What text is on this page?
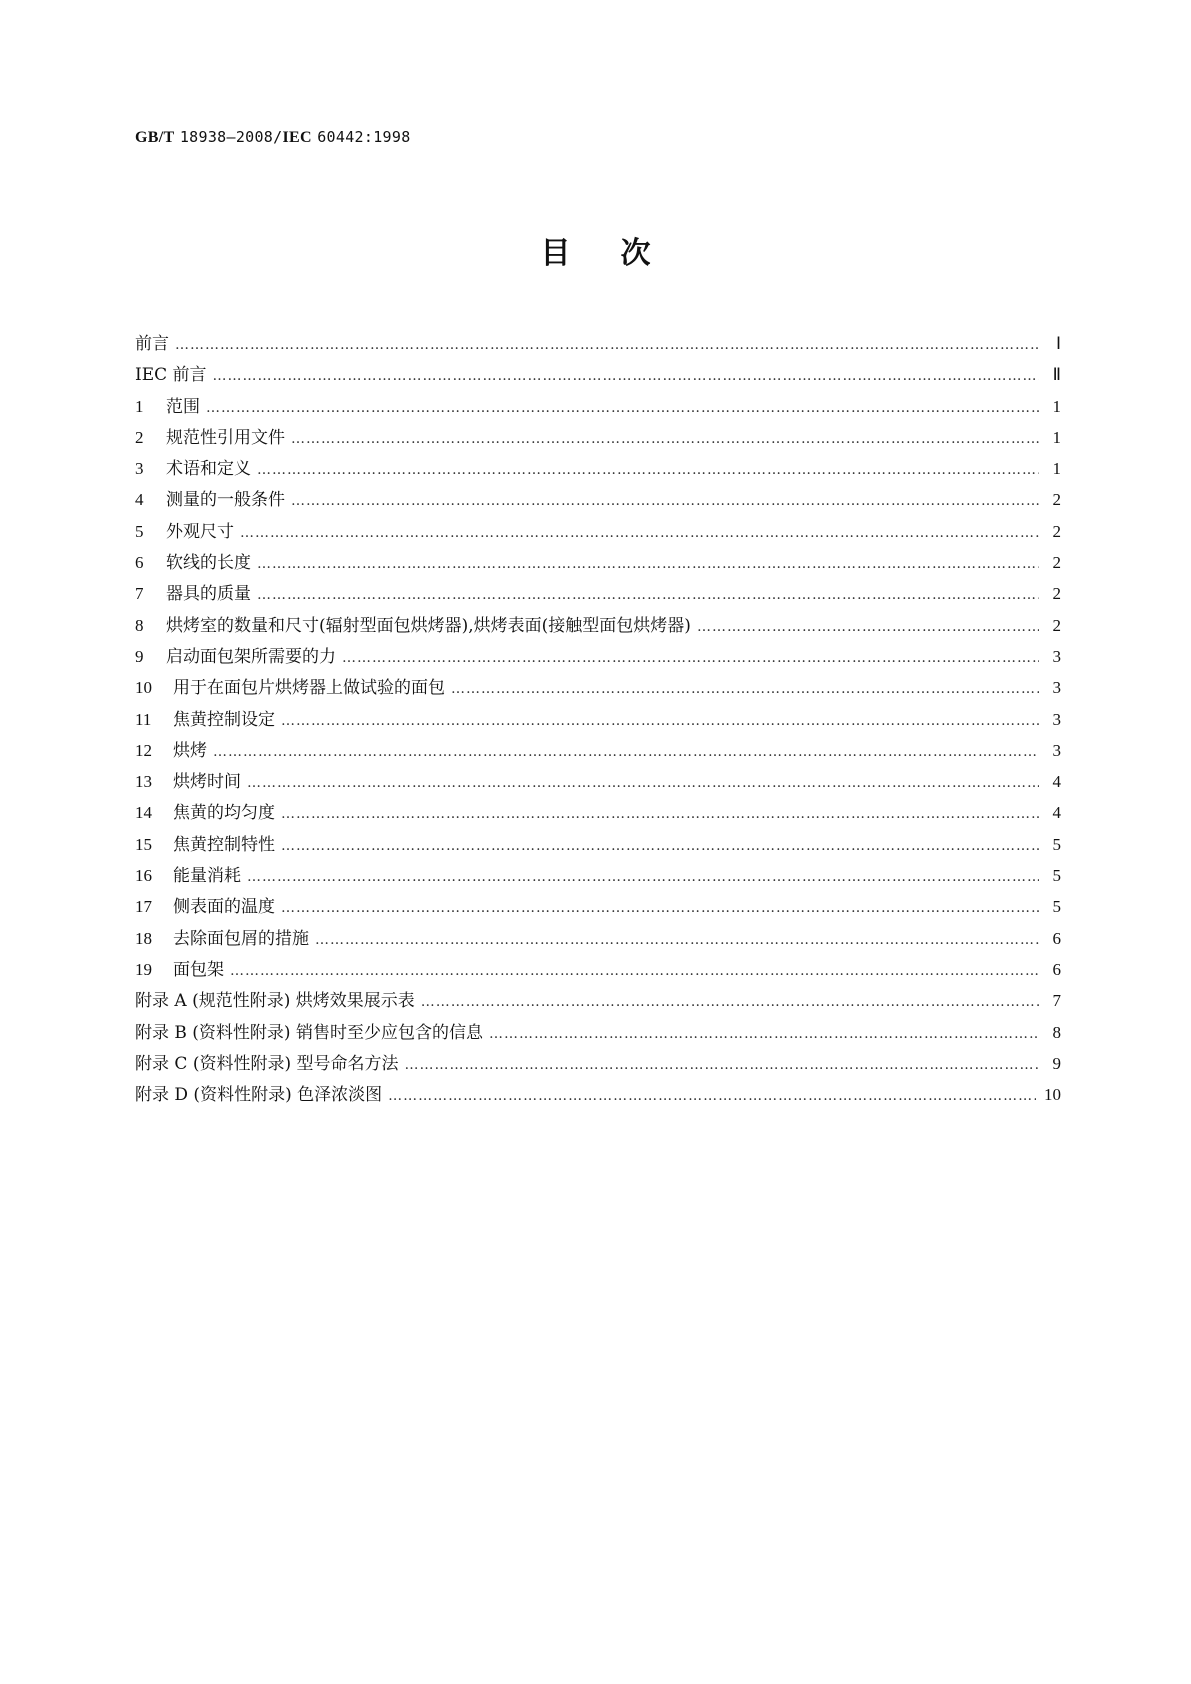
GB/T 18938—2008/IEC 60442:1998
目次
前言 ……………………………………………………………………………………………………………………………………………………………………………………………………………………………………………	Ⅰ
IEC 前言 ……………………………………………………………………………………………………………………………………………………………………………………………………………………………………………	Ⅱ
1 范围 ……………………………………………………………………………………………………………………………………………………………………………………………………………………………………………	1
2 规范性引用文件 ……………………………………………………………………………………………………………………………………………………………………………………………………………………………………………	1
3 术语和定义 ……………………………………………………………………………………………………………………………………………………………………………………………………………………………………………	1
4 测量的一般条件 ……………………………………………………………………………………………………………………………………………………………………………………………………………………………………………	2
5 外观尺寸 ……………………………………………………………………………………………………………………………………………………………………………………………………………………………………………	2
6 软线的长度 ……………………………………………………………………………………………………………………………………………………………………………………………………………………………………………	2
7 器具的质量 ……………………………………………………………………………………………………………………………………………………………………………………………………………………………………………	2
8 烘烤室的数量和尺寸(辐射型面包烘烤器),烘烤表面(接触型面包烘烤器) ……………………………………………………………………………………………………………………………………………………………………………………………………………………………………………	2
9 启动面包架所需要的力 ……………………………………………………………………………………………………………………………………………………………………………………………………………………………………………	3
10 用于在面包片烘烤器上做试验的面包 ……………………………………………………………………………………………………………………………………………………………………………………………………………………………………………	3
11 焦黄控制设定 ……………………………………………………………………………………………………………………………………………………………………………………………………………………………………………	3
12 烘烤 ……………………………………………………………………………………………………………………………………………………………………………………………………………………………………………	3
13 烘烤时间 ……………………………………………………………………………………………………………………………………………………………………………………………………………………………………………	4
14 焦黄的均匀度 ……………………………………………………………………………………………………………………………………………………………………………………………………………………………………………	4
15 焦黄控制特性 ……………………………………………………………………………………………………………………………………………………………………………………………………………………………………………	5
16 能量消耗 ……………………………………………………………………………………………………………………………………………………………………………………………………………………………………………	5
17 侧表面的温度 ……………………………………………………………………………………………………………………………………………………………………………………………………………………………………………	5
18 去除面包屑的措施 ……………………………………………………………………………………………………………………………………………………………………………………………………………………………………………	6
19 面包架 ……………………………………………………………………………………………………………………………………………………………………………………………………………………………………………	6
附录 A (规范性附录) 烘烤效果展示表 ……………………………………………………………………………………………………………………………………………………………………………………………………………………………………………	7
附录 B (资料性附录) 销售时至少应包含的信息 ……………………………………………………………………………………………………………………………………………………………………………………………………………………………………………	8
附录 C (资料性附录) 型号命名方法 ……………………………………………………………………………………………………………………………………………………………………………………………………………………………………………	9
附录 D (资料性附录) 色泽浓淡图 ……………………………………………………………………………………………………………………………………………………………………………………………………………………………………………	10
